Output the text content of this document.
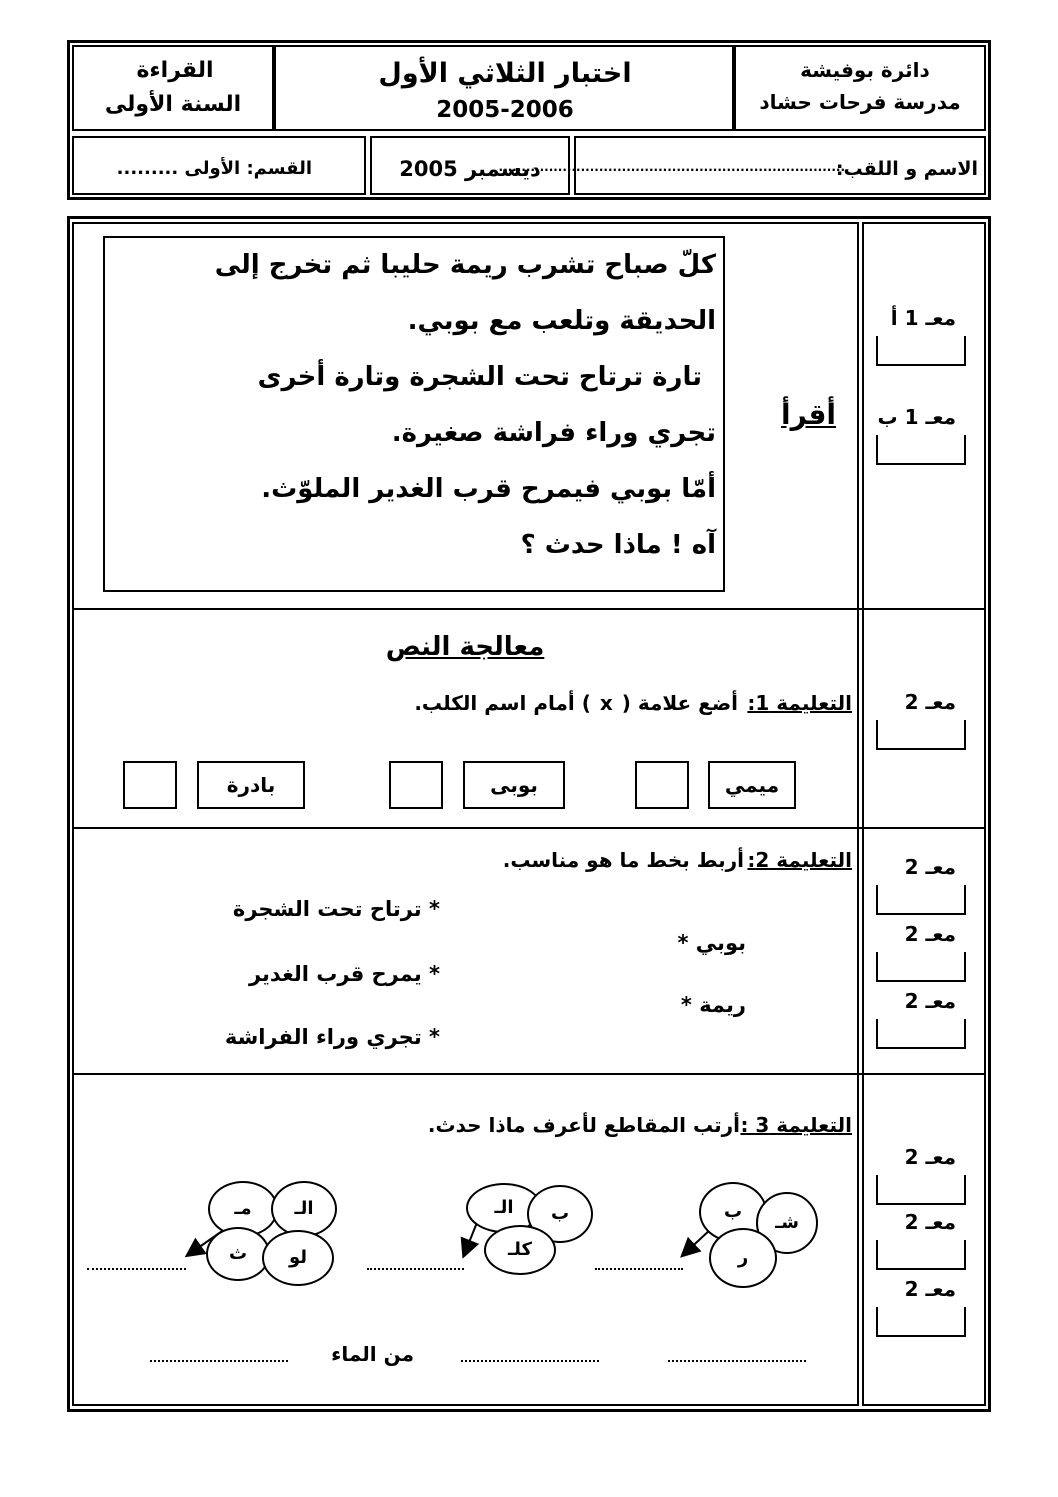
القراءة
السنة الأولى
اختبار الثلاثي الأول
2005-2006
دائرة بوفيشة
مدرسة فرحات حشاد
القسم: الأولى .........	ديسمبر 2005	الاسم و اللقب:
............................................................................
كلّ صباح تشرب ريمة حليبا ثم تخرج إلى
الحديقة وتلعب مع بوبي.
تارة ترتاح تحت الشجرة وتارة أخرى
تجري وراء فراشة صغيرة.
أمّا بوبي فيمرح قرب الغدير الملوّث.
آه ! ماذا حدث ؟
أقرأ
معـ 1 أ
معـ 1 ب
معالجة النص
التعليمة 1:
أضع علامة ( x ) أمام اسم الكلب.
ميمي
بوبى
بادرة
معـ 2
التعليمة 2:
أربط بخط ما هو مناسب.
* ترتاح تحت الشجرة
* يمرح قرب الغدير
* تجري وراء الفراشة
بوبي *
ريمة *
معـ 2
معـ 2
معـ 2
التعليمة 3 :
أرتب المقاطع لأعرف ماذا حدث.
ب
شـ
ر
الـ	ب
كلـ
مـ	الـ
ث	لو
من الماء
معـ 2
معـ 2
معـ 2
